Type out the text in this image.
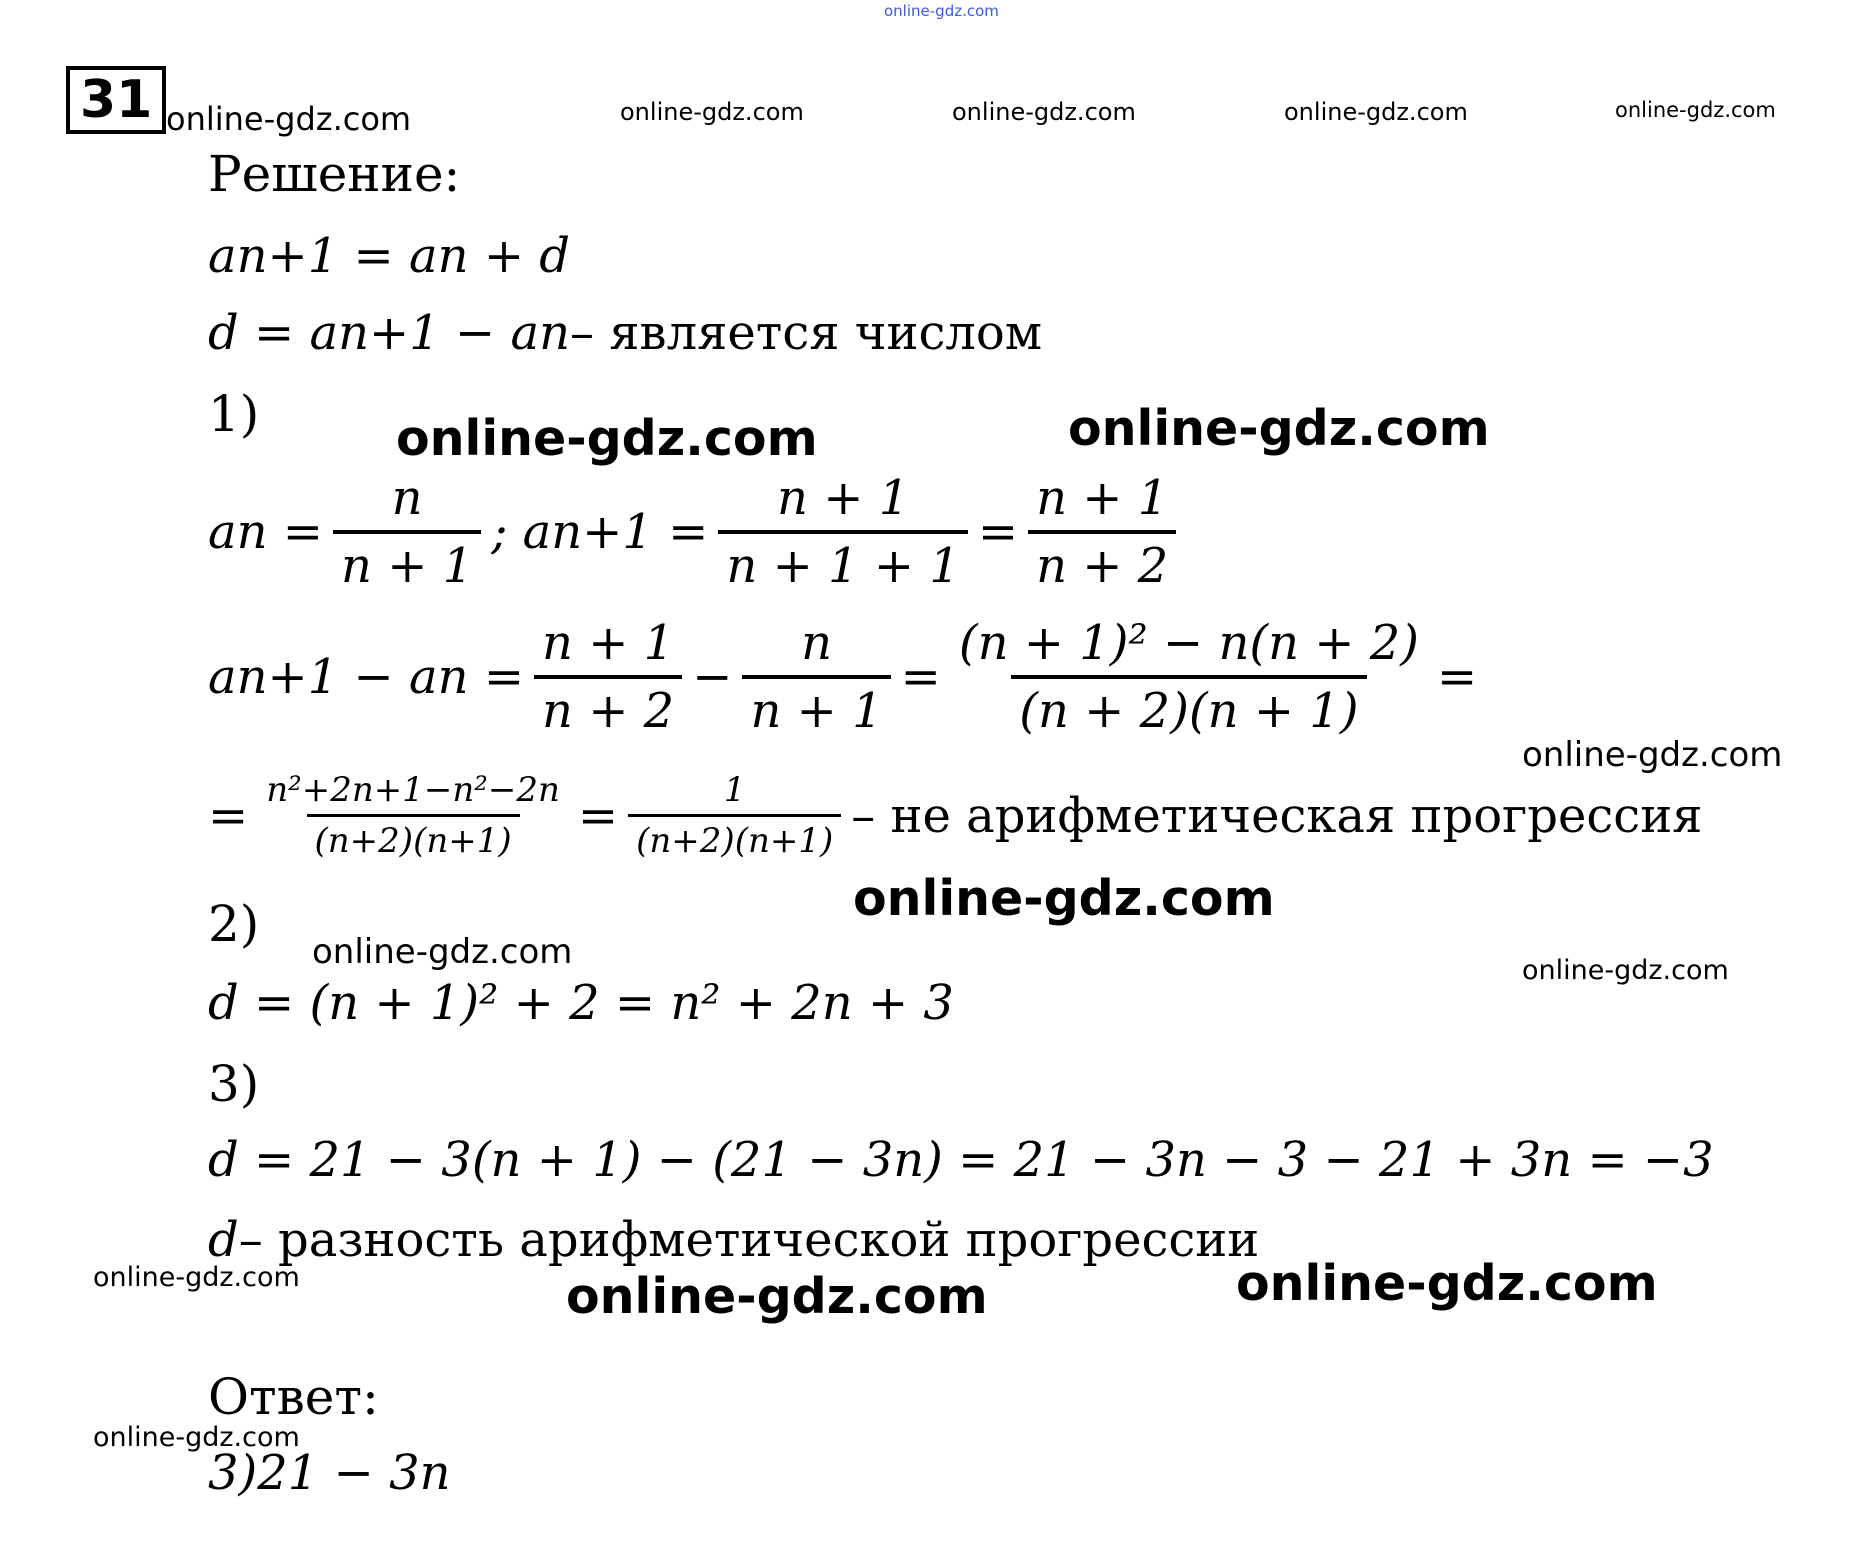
online-gdz.com
31 online-gdz.com	online-gdz.com	online-gdz.com	online-gdz.com	online-gdz.com
Решение:
an+1 = an + d
d = an+1 − an – является числом
1)	online-gdz.com	online-gdz.com
an = $\frac{n}{n + 1}$ ; $an+1 = \frac{n + 1}{n + 1 + 1} = \frac{n + 1}{n + 2}$
an+1 − an = $\frac{n + 1}{n + 2} - \frac{n}{n + 1} = \frac{\text{(n + 1)² − n(n + 2)}}{(n + 2)(n + 1)}$ =
online-gdz.com
= $\frac{\text{n²+2n+1−n²−2n}}{(n+2)(n+1)} = \frac{1}{(n+2)(n+1)}$ – не арифметическая прогрессия
online-gdz.com
2) online-gdz.com	online-gdz.com
d = (n + 1)² + 2 = n² + 2n + 3
3)
d = 21 − 3(n + 1) − (21 − 3n) = 21 − 3n − 3 − 21 + 3n = −3
d – разность арифметической прогрессии
online-gdz.com	online-gdz.com	online-gdz.com
Ответ:
online-gdz.com
3)21 − 3n
